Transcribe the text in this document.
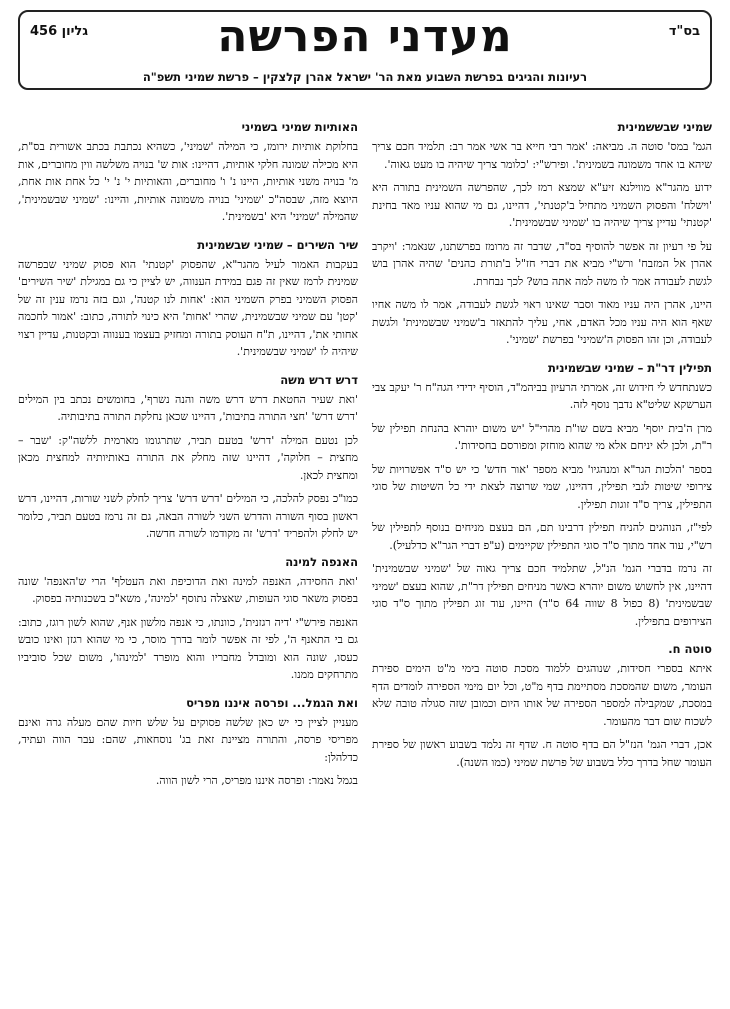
בס"ד
מעדני הפרשה
גליון 456
רעיונות והגיגים בפרשת השבוע מאת הר' ישראל אהרן קלצקין – פרשת שמיני תשפ"ה
שמיני שבששמינית

הגמ' במס' סוטה ה. מביאה: 'אמר רבי חייא בר אשי אמר רב: תלמיד חכם צריך שיהא בו אחד משמונה בשמינית'. ופירש"י: 'כלומר צריך שיהיה בו מעט גאוה'.

ידוע מהגר"א מווילנא זיע"א שמצא רמז לכך, שהפרשה השמינית בתורה היא 'וישלח' והפסוק השמיני מתחיל ב'קטנתי', דהיינו, גם מי שהוא עניו מאד בחינת 'קטנתי' עדיין צריך שיהיה בו 'שמיני שבשמינית'.

על פי רעיון זה אפשר להוסיף בס"ד, שדבר זה מרומז בפרשתנו, שנאמר: 'ויקרב אהרן אל המזבח' ורש"י מביא את דברי חז"ל ב'תורת כהנים' שהיה אהרן בוש לגשת לעבודה אמר לו משה למה אתה בוש? לכך נבחרת.

היינו, אהרן היה עניו מאוד וסבר שאינו ראוי לגשת לעבודה, אמר לו משה אחיו שאף הוא היה עניו מכל האדם, אחי, עליך להתאזר ב'שמיני שבשמינית' ולגשת לעבודה, וכן זהו הפסוק ה'שמיני' בפרשת 'שמיני'.

תפילין דר"ת – שמיני שבשמינית

כשנתחדש לי חידוש זה, אמרתי הרעיון בביהמ"ד, הוסיף ידידי הגה"ח ר' יעקב צבי הערשקא שליט"א נדבך נוסף לזה.

מרן ה'בית יוסף' מביא בשם שו"ת מהרי"ל 'יש משום יוהרא בהנחת תפילין של ר"ת, ולכן לא יניחם אלא מי שהוא מוחזק ומפורסם בחסידות'.

בספר 'הלכות הגר"א ומנהגיו' מביא מספר 'אור חדש' כי יש ס"ד אפשרויות של צירופי שיטות לגבי תפילין, דהיינו, שמי שרוצה לצאת ידי כל השיטות של סוגי התפילין, צריך ס"ד זוגות תפילין.

לפי"ז, הנוהגים להניח תפילין דרבינו תם, הם בעצם מניחים בנוסף לתפילין של רש"י, עוד אחד מתוך ס"ד סוגי התפילין שקיימים (ע"פ דברי הגר"א כדלעיל).

זה נרמז בדברי הגמ' הנ"ל, שתלמיד חכם צריך גאוה של 'שמיני שבשמינית' דהיינו, אין לחשוש משום יוהרא כאשר מניחים תפילין דר"ת, שהוא בעצם 'שמיני שבשמינית' (8 כפול 8 שווה 64 ס"ד) היינו, עוד זוג תפילין מתוך ס"ד סוגי הצירופים בתפילין.

סוטה ח.

איתא בספרי חסידות, שנוהגים ללמוד מסכת סוטה בימי מ"ט הימים ספירת העומר, משום שהמסכת מסתיימת בדף מ"ט, וכל יום מימי הספירה לומדים הדף במסכת, שמקבילה למספר הספירה של אותו היום וכמובן שזה סגולה טובה שלא לשכוח שום דבר מהעומר.

אכן, דברי הגמ' הנז"ל הם בדף סוטה ח. שדף זה נלמד בשבוע ראשון של ספירת העומר שחל בדרך כלל בשבוע של פרשת שמיני (כמו השנה).

האותיות שמיני בשמיני

בחלוקת אותיות ירומז, כי המילה 'שמיני', כשהיא נכתבת בכתב אשורית בס"ת, היא מכילה שמונה חלקי אותיות, דהיינו: אות ש' בנויה משלשה ווין מחוברים, אות מ' בנויה משני אותיות, היינו נ' ו' מחוברים, והאותיות י' נ' י' כל אחת אות אחת, היוצא מזה, שבסה"כ 'שמיני' בנויה משמונה אותיות, והיינו: 'שמיני שבשמינית', שהמילה 'שמיני' היא 'בשמינית'.

שיר השירים – שמיני שבשמינית

בעקבות האמור לעיל מהגר"א, שהפסוק 'קטנתי' הוא פסוק שמיני שבפרשה שמינית לרמז שאין זה פגם במידת הענווה, יש לציין כי גם במגילת 'שיר השירים' הפסוק השמיני בפרק השמיני הוא: 'אחות לנו קטנה', וגם בזה נרמז ענין זה של 'קטן' עם שמיני שבשמינית, שהרי 'אחות' היא כינוי לתורה, כתוב: 'אמור לחכמה אחותי את', דהיינו, ת"ח העוסק בתורה ומחזיק בעצמו בענווה ובקטנות, עדיין רצוי שיהיה לו 'שמיני שבשמינית'.

דרש דרש משה

'ואת שעיר החטאת דרש דרש משה והנה נשרף', בחומשים נכתב בין המילים 'דרש דרש' 'חצי התורה בתיבות', דהיינו שכאן נחלקת התורה בתיבותיה.

לכן נטעם המילה 'דרש' בטעם תביר, שתרגומו מארמית ללשה"ק: 'שבר – מחצית – חלוקה', דהיינו שזה מחלק את התורה באותיותיה למחצית מכאן ומחצית לכאן.

כמו"כ נפסק להלכה, כי המילים 'דרש דרש' צריך לחלק לשני שורות, דהיינו, דרש ראשון בסוף השורה והדרש השני לשורה הבאה, גם זה נרמז בטעם תביר, כלומר יש לחלק ולהפריד 'דרש' זה מקודמו לשורה חדשה.

האנפה למינה

'ואת החסידה, האנפה למינה ואת הדוכיפת ואת העטלף' הרי ש'האנפה' שונה בפסוק משאר סוגי העופות, שאצלה נתוסף 'למינה', משא"כ בשכנותיה בפסוק.

האנפה פירש"י 'דיה רגזנית', כוונתו, כי אנפה מלשון אנף, שהוא לשון רוגז, כתוב: גם בי התאנף ה', לפי זה אפשר לומר בדרך מוסר, כי מי שהוא רגזן ואינו כובש כעסו, שונה הוא ומובדל מחבריו והוא מופרד 'למינהו', משום שכל סוביביו מתרחקים ממנו.

ואת הגמל... ופרסה איננו מפריס

מעניין לציין כי יש כאן שלשה פסוקים על שלש חיות שהם מעלה גרה ואינם מפריסי פרסה, והתורה מציינת זאת בג' נוסחאות, שהם: עבר הווה ועתיד, כדלהלן:

בגמל נאמר: ופרסה איננו מפריס, הרי לשון הווה.
